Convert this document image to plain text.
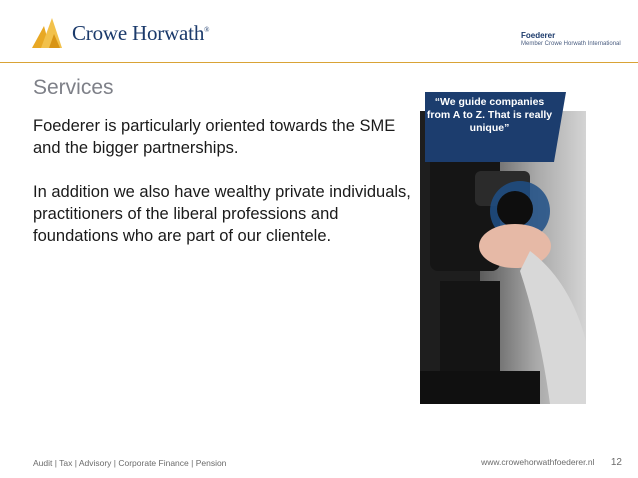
Crowe Horwath®
Foederer
Member Crowe Horwath International
Services

Foederer is particularly oriented towards the SME and the bigger partnerships.

In addition we also have wealthy private individuals, practitioners of the liberal professions and foundations who are part of our clientele.

“We guide companies from A to Z. That is really unique”
Audit | Tax | Advisory | Corporate Finance | Pension	www.crowehorwathfoederer.nl 12
